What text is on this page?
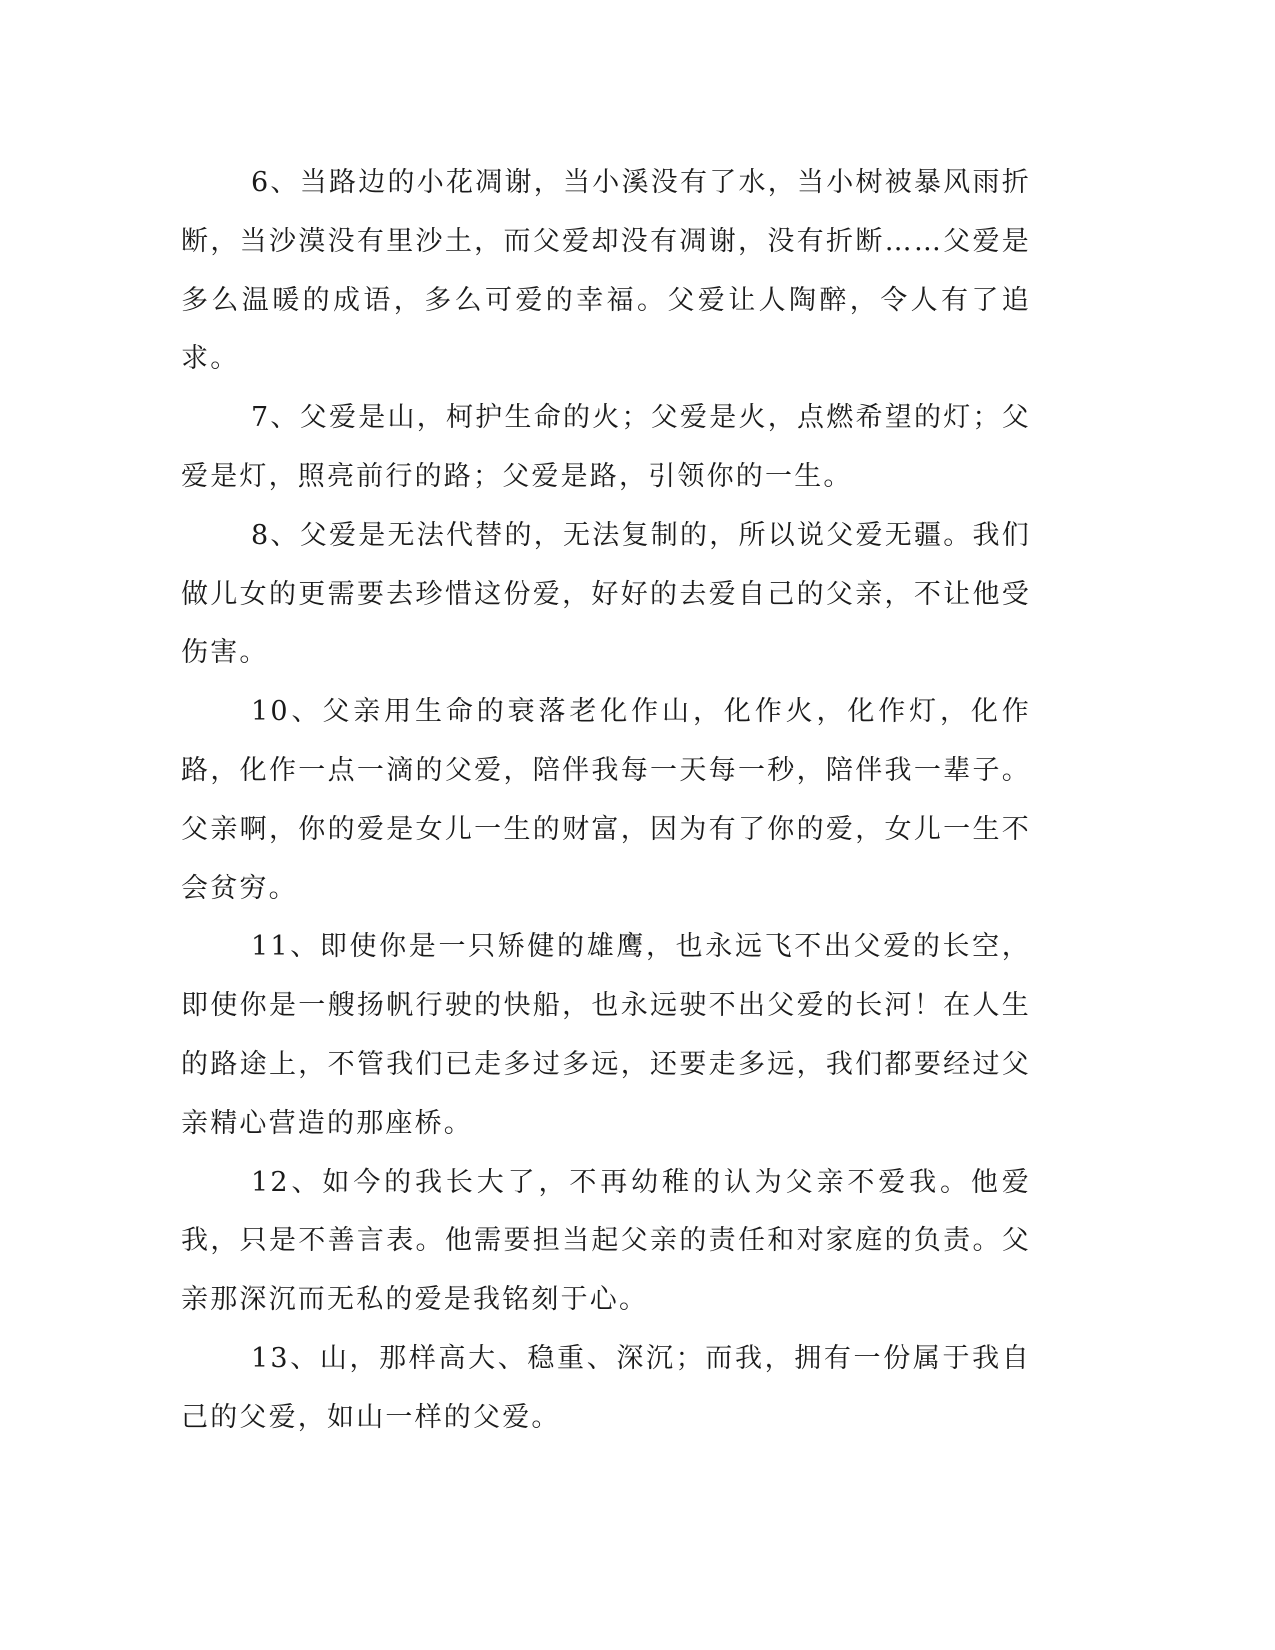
6、当路边的小花凋谢，当小溪没有了水，当小树被暴风雨折断，当沙漠没有里沙土，而父爱却没有凋谢，没有折断……父爱是多么温暖的成语，多么可爱的幸福。父爱让人陶醉，令人有了追求。

7、父爱是山，柯护生命的火；父爱是火，点燃希望的灯；父爱是灯，照亮前行的路；父爱是路，引领你的一生。

8、父爱是无法代替的，无法复制的，所以说父爱无疆。我们做儿女的更需要去珍惜这份爱，好好的去爱自己的父亲，不让他受伤害。

10、父亲用生命的衰落老化作山，化作火，化作灯，化作路，化作一点一滴的父爱，陪伴我每一天每一秒，陪伴我一辈子。父亲啊，你的爱是女儿一生的财富，因为有了你的爱，女儿一生不会贫穷。

11、即使你是一只矫健的雄鹰，也永远飞不出父爱的长空，即使你是一艘扬帆行驶的快船，也永远驶不出父爱的长河！在人生的路途上，不管我们已走多过多远，还要走多远，我们都要经过父亲精心营造的那座桥。

12、如今的我长大了，不再幼稚的认为父亲不爱我。他爱我，只是不善言表。他需要担当起父亲的责任和对家庭的负责。父亲那深沉而无私的爱是我铭刻于心。

13、山，那样高大、稳重、深沉；而我，拥有一份属于我自己的父爱，如山一样的父爱。
